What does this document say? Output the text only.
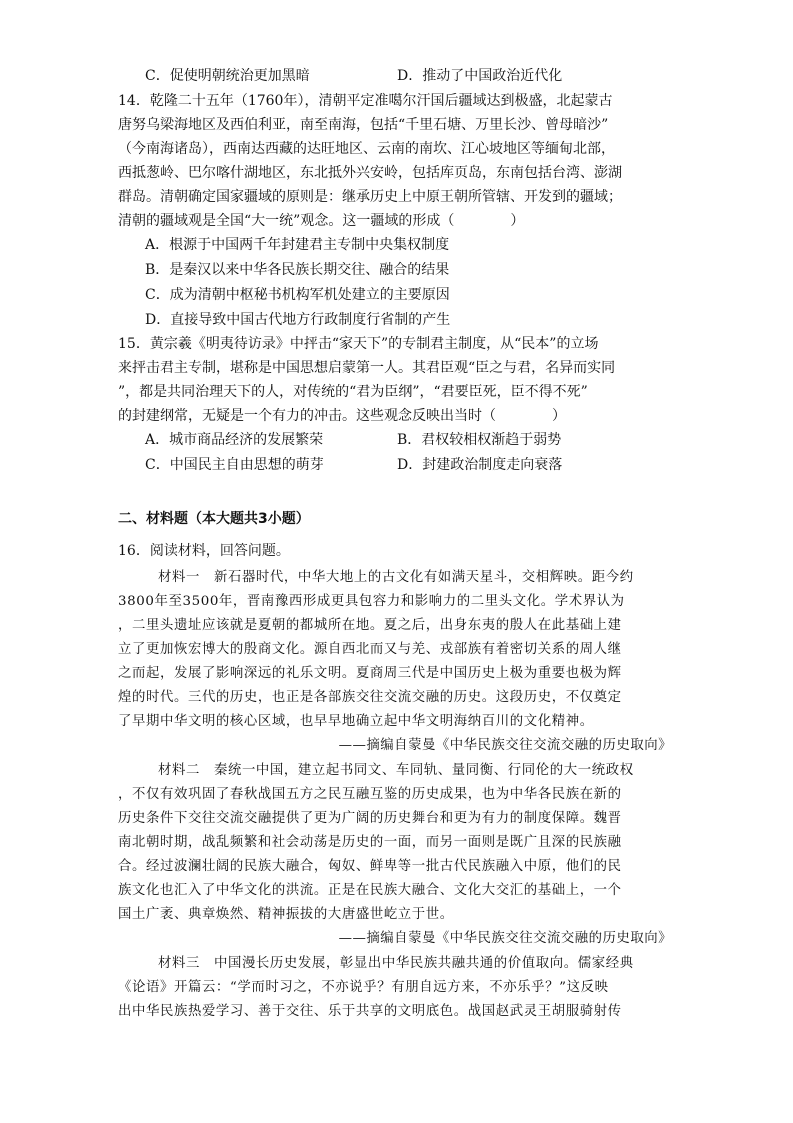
C．促使明朝统治更加黑暗	D．推动了中国政治近代化
14．乾隆二十五年（1760年），清朝平定准噶尔汗国后疆域达到极盛，北起蒙古
唐努乌梁海地区及西伯利亚，南至南海，包括“千里石塘、万里长沙、曾母暗沙”
（今南海诸岛），西南达西藏的达旺地区、云南的南坎、江心坡地区等缅甸北部，
西抵葱岭、巴尔喀什湖地区，东北抵外兴安岭，包括库页岛，东南包括台湾、澎湖
群岛。清朝确定国家疆域的原则是：继承历史上中原王朝所管辖、开发到的疆域；
清朝的疆域观是全国“大一统”观念。这一疆域的形成（　　　　）
A．根源于中国两千年封建君主专制中央集权制度
B．是秦汉以来中华各民族长期交往、融合的结果
C．成为清朝中枢秘书机构军机处建立的主要原因
D．直接导致中国古代地方行政制度行省制的产生
15．黄宗羲《明夷待访录》中抨击“家天下”的专制君主制度，从“民本”的立场
来抨击君主专制，堪称是中国思想启蒙第一人。其君臣观“臣之与君，名异而实同
”，都是共同治理天下的人，对传统的“君为臣纲”，“君要臣死，臣不得不死”
的封建纲常，无疑是一个有力的冲击。这些观念反映出当时（　　　　）
A．城市商品经济的发展繁荣	B．君权较相权渐趋于弱势
C．中国民主自由思想的萌芽	D．封建政治制度走向衰落
二、材料题（本大题共3小题）
16．阅读材料，回答问题。
材料一　新石器时代，中华大地上的古文化有如满天星斗，交相辉映。距今约
3800年至3500年，晋南豫西形成更具包容力和影响力的二里头文化。学术界认为
，二里头遗址应该就是夏朝的都城所在地。夏之后，出身东夷的殷人在此基础上建
立了更加恢宏博大的殷商文化。源自西北而又与羌、戎部族有着密切关系的周人继
之而起，发展了影响深远的礼乐文明。夏商周三代是中国历史上极为重要也极为辉
煌的时代。三代的历史，也正是各部族交往交流交融的历史。这段历史，不仅奠定
了早期中华文明的核心区域，也早早地确立起中华文明海纳百川的文化精神。
——摘编自蒙曼《中华民族交往交流交融的历史取向》
材料二　秦统一中国，建立起书同文、车同轨、量同衡、行同伦的大一统政权
，不仅有效巩固了春秋战国五方之民互融互鉴的历史成果，也为中华各民族在新的
历史条件下交往交流交融提供了更为广阔的历史舞台和更为有力的制度保障。魏晋
南北朝时期，战乱频繁和社会动荡是历史的一面，而另一面则是既广且深的民族融
合。经过波澜壮阔的民族大融合，匈奴、鲜卑等一批古代民族融入中原，他们的民
族文化也汇入了中华文化的洪流。正是在民族大融合、文化大交汇的基础上，一个
国土广袤、典章焕然、精神振拔的大唐盛世屹立于世。
——摘编自蒙曼《中华民族交往交流交融的历史取向》
材料三　中国漫长历史发展，彰显出中华民族共融共通的价值取向。儒家经典
《论语》开篇云：“学而时习之，不亦说乎？有朋自远方来，不亦乐乎？”这反映
出中华民族热爱学习、善于交往、乐于共享的文明底色。战国赵武灵王胡服骑射传
